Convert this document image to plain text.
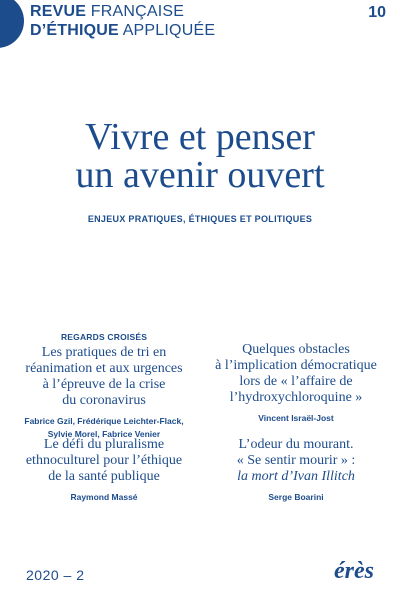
REVUE FRANÇAISE
D’ÉTHIQUE APPLIQUÉE
10
Vivre et penser
un avenir ouvert
ENJEUX PRATIQUES, ÉTHIQUES ET POLITIQUES
REGARDS CROISÉS
Les pratiques de tri en
réanimation et aux urgences
à l’épreuve de la crise
du coronavirus
Fabrice Gzil, Frédérique Leichter-Flack,
Sylvie Morel, Fabrice Venier
Le défi du pluralisme
ethnoculturel pour l’éthique
de la santé publique
Raymond Massé
Quelques obstacles
à l’implication démocratique
lors de « l’affaire de
l’hydroxychloroquine »
Vincent Israël-Jost
L’odeur du mourant.
« Se sentir mourir » :
la mort d’Ivan Illitch
Serge Boarini
2020 – 2	érès
